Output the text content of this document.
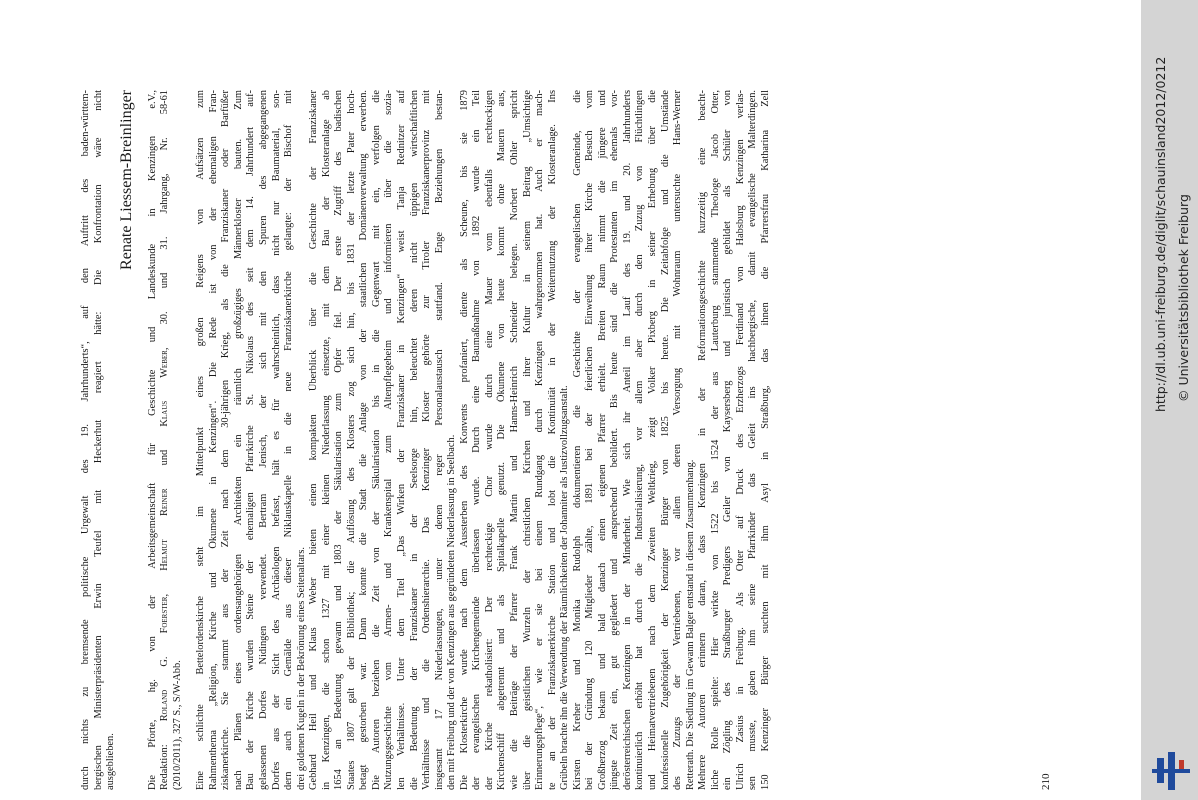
durch nichts zu bremsende politische Urgewalt des 19. Jahrhunderts“, auf den Auftritt des baden-württem- bergischen Ministerpräsidenten Erwin Teufel mit Heckerhut reagiert hätte: Die Konfrontation wäre nicht ausgeblieben.
Renate Liessem-Breinlinger Die Pforte, hg. von der Arbeitsgemeinschaft für Geschichte und Landeskunde in Kenzingen e.V., Redaktion: Roland G. Foerster, Helmut Reiner und Klaus Weber, 30. und 31. Jahrgang, Nr. 58-61
(2010/2011), 327 S., S/W-Abb. Eine schlichte Bettelordenskirche steht im Mittelpunkt eines großen Reigens von Aufsätzen zum Rahmenthema „Religion, Kirche und Ökumene in Kenzingen“. Die Rede ist von der ehemaligen Fran- ziskanerkirche. Sie stammt aus der Zeit nach dem 30-jährigen Krieg, als die Franziskaner oder Barfüßer nach Plänen eines ordensangehörigen Architekten ein räumlich großzügiges Männerkloster bauten. Zum Bau der Kirche wurden Steine der ehemaligen Pfarrkirche St. Nikolaus des seit dem 14. Jahrhundert auf- gelassenen Dorfes Nidingen verwendet. Bertram Jenisch, der sich mit den Spuren des abgegangenen Dorfes aus der Sicht des Archäologen befasst, hält es für wahrscheinlich, dass nicht nur Baumaterial, son- dern auch ein Gemälde aus dieser Niklauskapelle in die neue Franziskanerkirche gelangte: der Bischof mit drei goldenen Kugeln in der Bekrönung eines Seitenaltars. Gebhard Heil und Klaus Weber bieten einen kompakten Überblick über die Geschichte der Franziskaner in Kenzingen, die schon 1327 mit einer kleinen Niederlassung einsetzte, mit dem Bau der Klosteranlage ab 1654 an Bedeutung gewann und 1803 der Säkularisation zum Opfer fiel. Der erste Zugriff des badischen Staates 1807 galt der Bibliothek; die Auflösung des Klosters zog sich hin, bis 1831 der letzte Pater hoch- betagt gestorben war. Dann konnte die Stadt die Anlage von der staatlichen Domänenverwaltung erwerben. Die Autoren beziehen die Zeit von der Säkularisation bis in die Gegenwart mit ein, verfolgen die Nutzungsgeschichte vom Armen- und Krankenspital zum Altenpflegeheim und informieren über die sozia- len Verhältnisse. Unter dem Titel „Das Wirken der Franziskaner in Kenzingen“ weist Tanja Rednitzer auf die Bedeutung der Franziskaner in der Seelsorge hin, beleuchtet deren nicht üppigen wirtschaftlichen Verhältnisse und die Ordenshierarchie. Das Kenzinger Kloster gehörte zur Tiroler Franziskanerprovinz mit insgesamt 17 Niederlassungen, unter denen reger Personalaustausch stattfand. Enge Beziehungen bestan- den mit Freiburg und der von Kenzingen aus gegründeten Niederlassung in Seelbach. Die Klosterkirche wurde nach dem Aussterben des Konvents profaniert, diente als Scheune, bis sie 1879 der evangelischen Kirchengemeinde überlassen wurde. Durch eine Baumaßnahme von 1892 wurde ein Teil der Kirche rekatholisiert: Der rechteckige Chor wurde durch eine Mauer vom ebenfalls rechteckigen Kirchenschiff abgetrennt und als Spitalkapelle genutzt. Die Ökumene von heute kommt ohne Mauern aus, wie die Beiträge der Pfarrer Frank Martin und Hanns-Heinrich Schneider belegen. Norbert Ohler spricht über die geistlichen Wurzeln der christlichen Kirchen und ihrer Kultur in seinem Beitrag „Umsichtige Erinnerungspflege“, wie er sie bei einem Rundgang durch Kenzingen wahrgenommen hat. Auch er mach- te an der Franziskanerkirche Station und lobt die Kontinuität in der Weiternutzung der Klosteranlage. Ins Grübeln brachte ihn die Verwendung der Räumlichkeiten der Johanniter als Justizvollzugsanstalt. Kirsten Kreher und Monika Rudolph dokumentieren die Geschichte der evangelischen Gemeinde, die bei der Gründung 120 Mitglieder zählte, 1891 bei der feierlichen Einweihung ihrer Kirche Besuch vom Großherzog bekam und bald danach einen eigenen Pfarrer erhielt. Breiten Raum nimmt die jüngere und jüngste Zeit ein, gut gegliedert und ansprechend bebildert. Bis heute sind die Protestanten im ehemals vor- derösterreichischen Kenzingen in der Minderheit. Wie sich ihr Anteil im Lauf des 19. und 20. Jahrhunderts kontinuierlich erhöht hat durch die Industrialisierung, vor allem aber durch den Zuzug von Flüchtlingen und Heimatvertriebenen nach dem Zweiten Weltkrieg, zeigt Volker Pixberg in seiner Erhebung über die konfessionelle Zugehörigkeit der Kenzinger Bürger von 1825 bis heute. Die Zeitabfolge und die Umstände des Zuzugs der Vertriebenen, vor allem deren Versorgung mit Wohnraum untersuchte Hans-Werner Retterath. Die Siedlung im Gewann Balger entstand in diesem Zusammenhang. Mehrere Autoren erinnern daran, dass Kenzingen in der Reformationsgeschichte kurzzeitig eine beacht- liche Rolle spielte: Hier wirkte von 1522 bis 1524 der aus Lauterburg stammende Theologe Jacob Otter, ein Zögling des Straßburger Predigers Geiler von Kaysersberg und juristisch gebildet als Schüler von Ulrich Zasius in Freiburg. Als Otter auf Druck des Erzherzogs Ferdinand von Habsburg Kenzingen verlas- sen musste, gaben ihm seine Pfarrkinder das Geleit ins hachbergische, damit evangelische Malterdingen. 150 Kenzinger Bürger suchten mit ihm Asyl in Straßburg, das ihnen die Pfarrersfrau Katharina Zell	210
http://dl.ub.uni-freiburg.de/diglit/schauinsland2012/0212 © Universitätsbibliothek Freiburg
